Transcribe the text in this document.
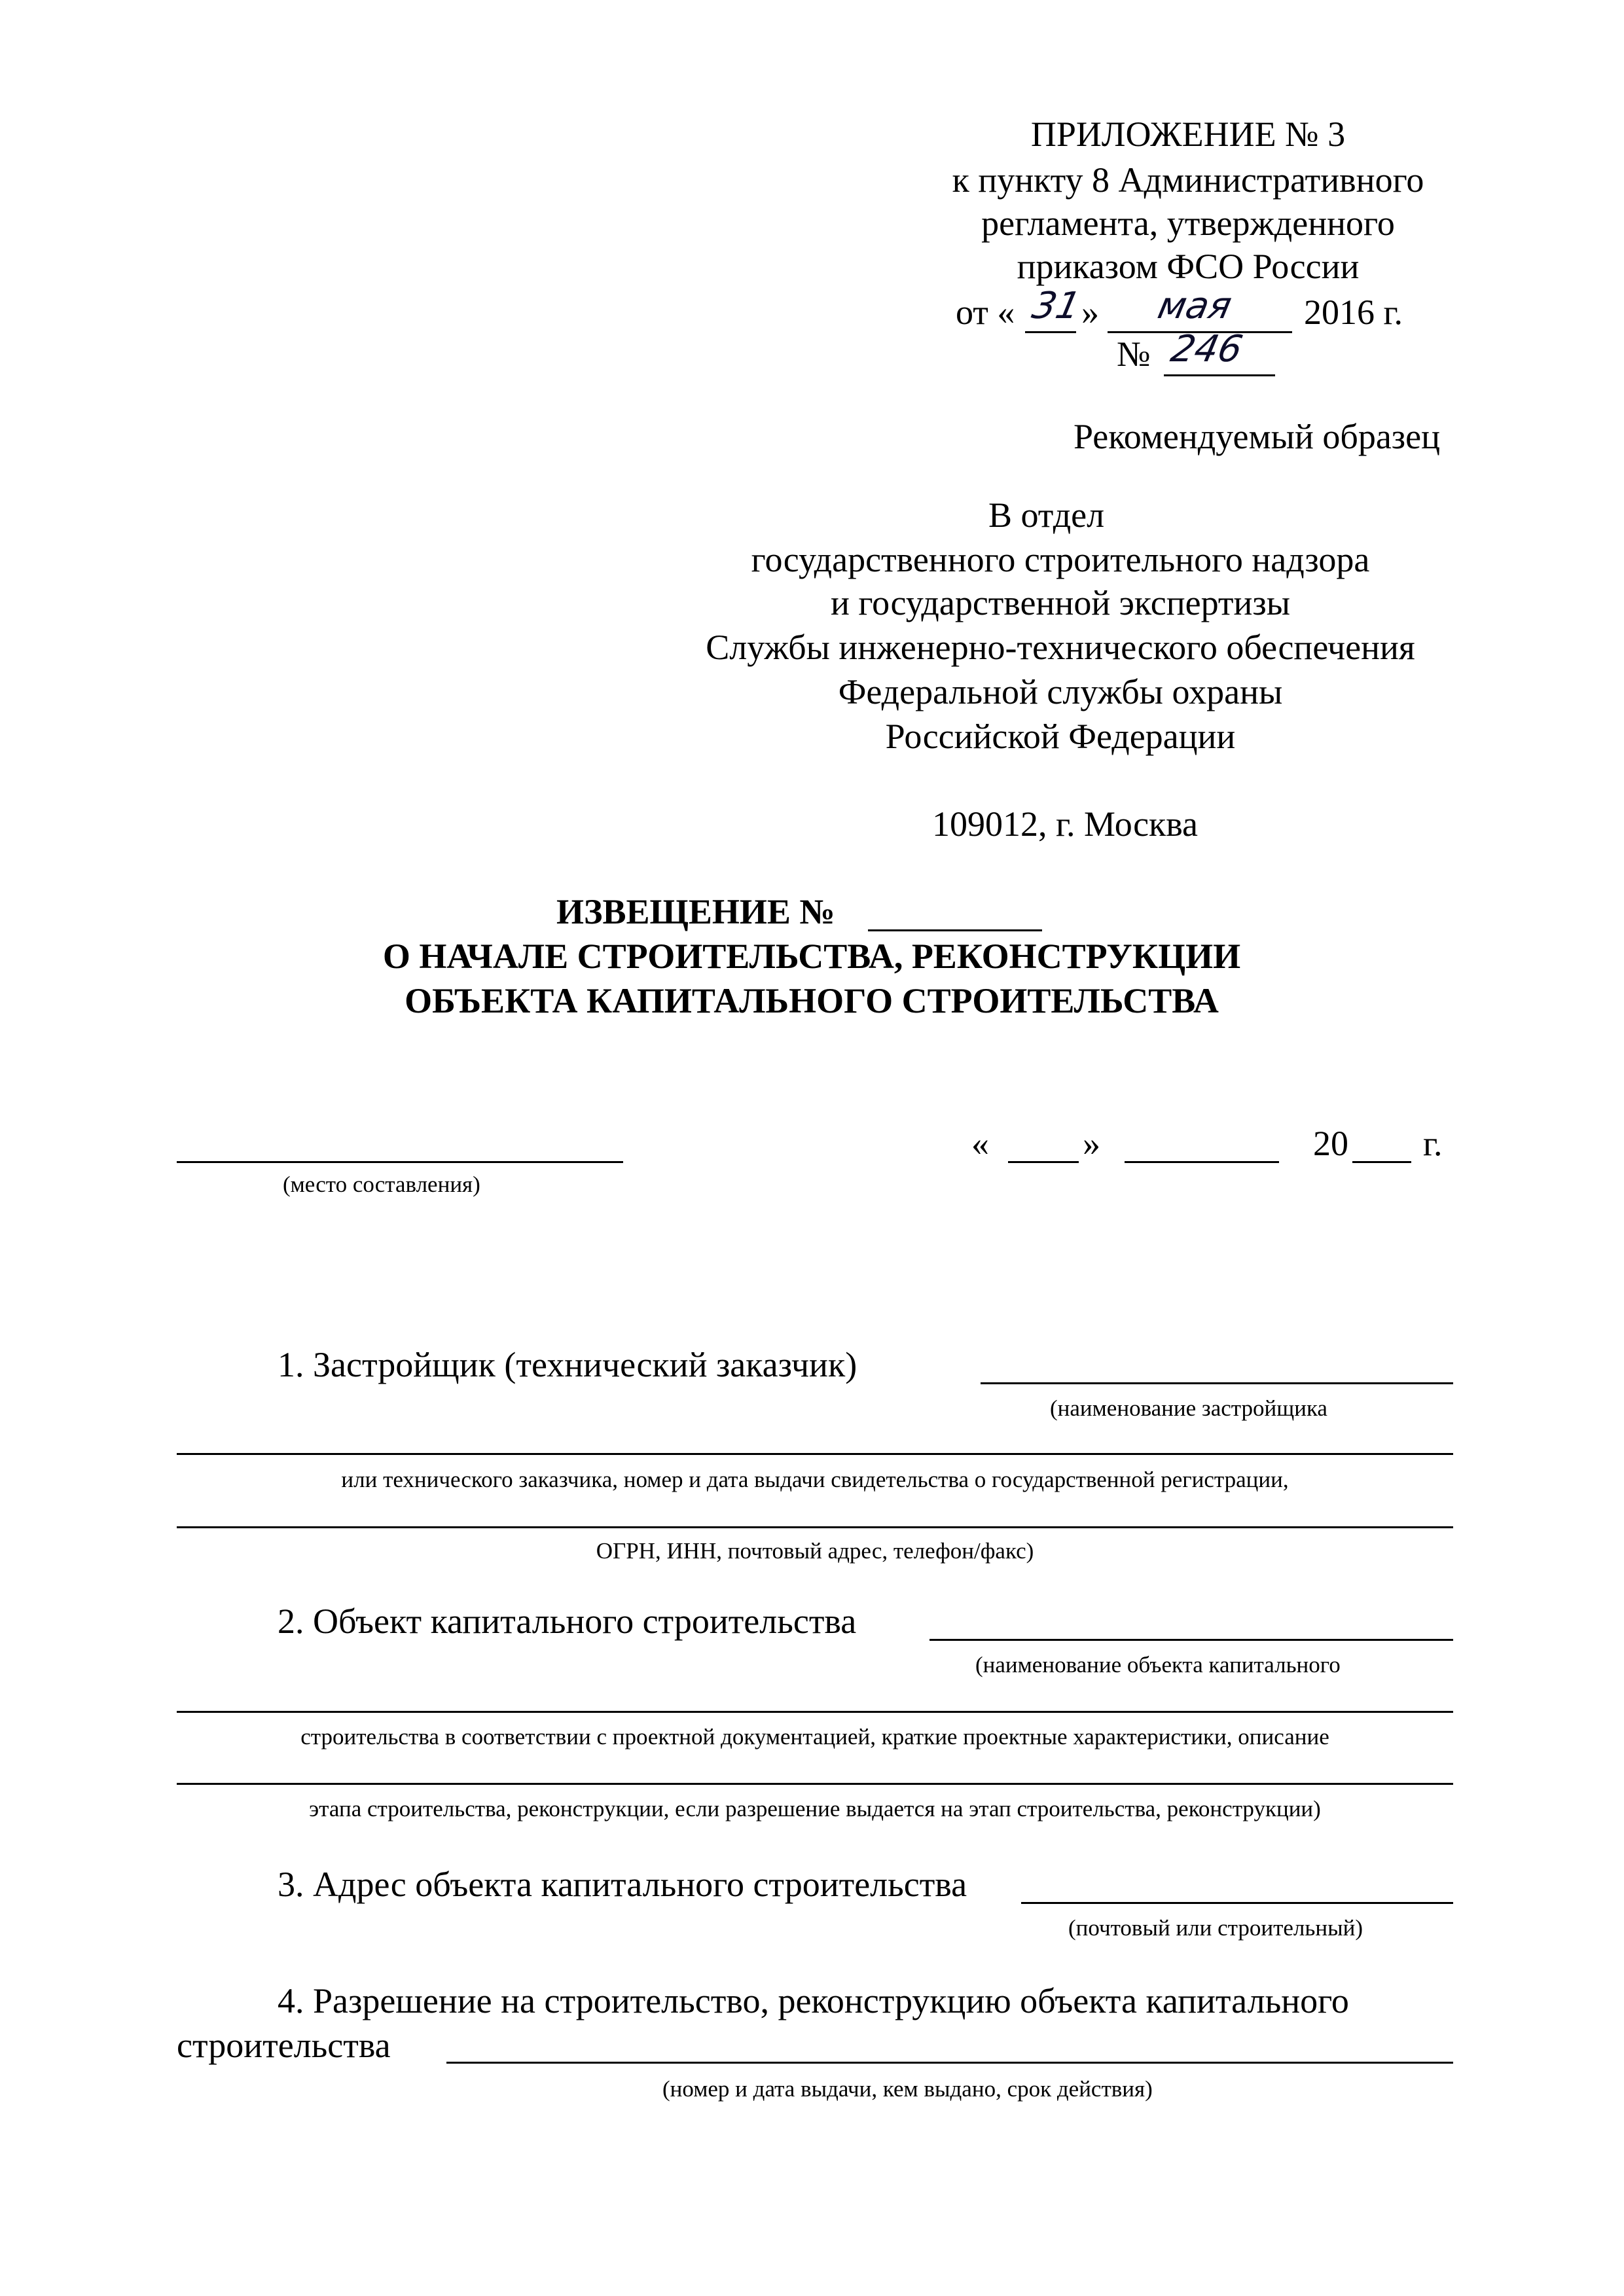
ПРИЛОЖЕНИЕ № 3
к пункту 8 Административного
регламента, утвержденного
приказом ФСО России
от « 31
» мая 2016 г.
№ 246
Рекомендуемый образец
В отдел
государственного строительного надзора
и государственной экспертизы
Службы инженерно-технического обеспечения
Федеральной службы охраны
Российской Федерации
109012, г. Москва
ИЗВЕЩЕНИЕ №
О НАЧАЛЕ СТРОИТЕЛЬСТВА, РЕКОНСТРУКЦИИ
ОБЪЕКТА КАПИТАЛЬНОГО СТРОИТЕЛЬСТВА
(место составления)
«	»	20 г.
1. Застройщик (технический заказчик)
(наименование застройщика
или технического заказчика, номер и дата выдачи свидетельства о государственной регистрации,
ОГРН, ИНН, почтовый адрес, телефон/факс)
2. Объект капитального строительства
(наименование объекта капитального
строительства в соответствии с проектной документацией, краткие проектные характеристики, описание
этапа строительства, реконструкции, если разрешение выдается на этап строительства, реконструкции)
3. Адрес объекта капитального строительства
(почтовый или строительный)
4. Разрешение на строительство, реконструкцию объекта капитального
строительства
(номер и дата выдачи, кем выдано, срок действия)
